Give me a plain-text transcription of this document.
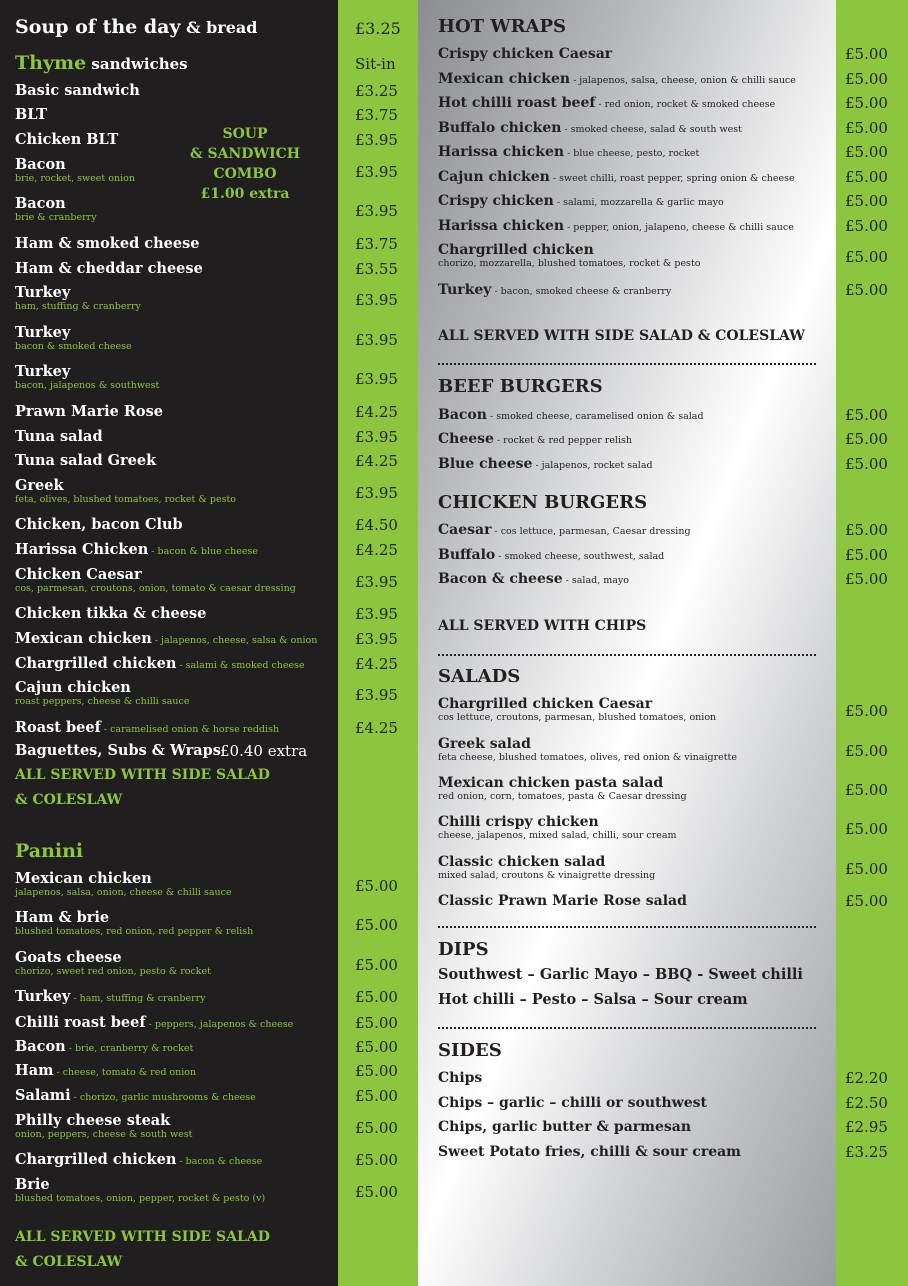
Soup of the day & bread	£3.25
Thyme sandwiches	Sit-in
Basic sandwich	£3.25
BLT	£3.75
Chicken BLT	£3.95
Bacon
brie, rocket, sweet onion	£3.95
Bacon
brie & cranberry	£3.95
Ham & smoked cheese	£3.75
Ham & cheddar cheese	£3.55
Turkey
ham, stuffing & cranberry	£3.95
Turkey
bacon & smoked cheese	£3.95
Turkey
bacon, jalapenos & southwest	£3.95
Prawn Marie Rose	£4.25
Tuna salad	£3.95
Tuna salad Greek	£4.25
Greek
feta, olives, blushed tomatoes, rocket & pesto	£3.95
Chicken, bacon Club	£4.50
Harissa Chicken - bacon & blue cheese	£4.25
Chicken Caesar
cos, parmesan, croutons, onion, tomato & caesar dressing	£3.95
Chicken tikka & cheese	£3.95
Mexican chicken - jalapenos, cheese, salsa & onion	£3.95
Chargrilled chicken - salami & smoked cheese	£4.25
Cajun chicken
roast peppers, cheese & chilli sauce	£3.95
Roast beef - caramelised onion & horse reddish	£4.25
SOUP
& SANDWICH
COMBO
£1.00 extra
Baguettes, Subs & Wraps £0.40 extra
ALL SERVED WITH SIDE SALAD
& COLESLAW
Panini
Mexican chicken
jalapenos, salsa, onion, cheese & chilli sauce	£5.00
Ham & brie
blushed tomatoes, red onion, red pepper & relish	£5.00
Goats cheese
chorizo, sweet red onion, pesto & rocket	£5.00
Turkey - ham, stuffing & cranberry	£5.00
Chilli roast beef - peppers, jalapenos & cheese	£5.00
Bacon - brie, cranberry & rocket	£5.00
Ham - cheese, tomato & red onion	£5.00
Salami - chorizo, garlic mushrooms & cheese	£5.00
Philly cheese steak
onion, peppers, cheese & south west	£5.00
Chargrilled chicken - bacon & cheese	£5.00
Brie
blushed tomatoes, onion, pepper, rocket & pesto (v)	£5.00
ALL SERVED WITH SIDE SALAD
& COLESLAW
HOT WRAPS
Crispy chicken Caesar	£5.00
Mexican chicken - jalapenos, salsa, cheese, onion & chilli sauce	£5.00
Hot chilli roast beef - red onion, rocket & smoked cheese	£5.00
Buffalo chicken - smoked cheese, salad & south west	£5.00
Harissa chicken - blue cheese, pesto, rocket	£5.00
Cajun chicken - sweet chilli, roast pepper, spring onion & cheese	£5.00
Crispy chicken - salami, mozzarella & garlic mayo	£5.00
Harissa chicken - pepper, onion, jalapeno, cheese & chilli sauce	£5.00
Chargrilled chicken
chorizo, mozzarella, blushed tomatoes, rocket & pesto	£5.00
Turkey - bacon, smoked cheese & cranberry	£5.00
ALL SERVED WITH SIDE SALAD & COLESLAW
BEEF BURGERS
Bacon - smoked cheese, caramelised onion & salad	£5.00
Cheese - rocket & red pepper relish	£5.00
Blue cheese - jalapenos, rocket salad	£5.00
CHICKEN BURGERS
Caesar - cos lettuce, parmesan, Caesar dressing	£5.00
Buffalo - smoked cheese, southwest, salad	£5.00
Bacon & cheese - salad, mayo	£5.00
ALL SERVED WITH CHIPS
SALADS
Chargrilled chicken Caesar
cos lettuce, croutons, parmesan, blushed tomatoes, onion	£5.00
Greek salad
feta cheese, blushed tomatoes, olives, red onion & vinaigrette	£5.00
Mexican chicken pasta salad
red onion, corn, tomatoes, pasta & Caesar dressing	£5.00
Chilli crispy chicken
cheese, jalapenos, mixed salad, chilli, sour cream	£5.00
Classic chicken salad
mixed salad, croutons & vinaigrette dressing	£5.00
Classic Prawn Marie Rose salad	£5.00
DIPS
Southwest – Garlic Mayo – BBQ - Sweet chilli
Hot chilli – Pesto – Salsa – Sour cream
SIDES
Chips	£2.20
Chips – garlic – chilli or southwest	£2.50
Chips, garlic butter & parmesan	£2.95
Sweet Potato fries, chilli & sour cream	£3.25
